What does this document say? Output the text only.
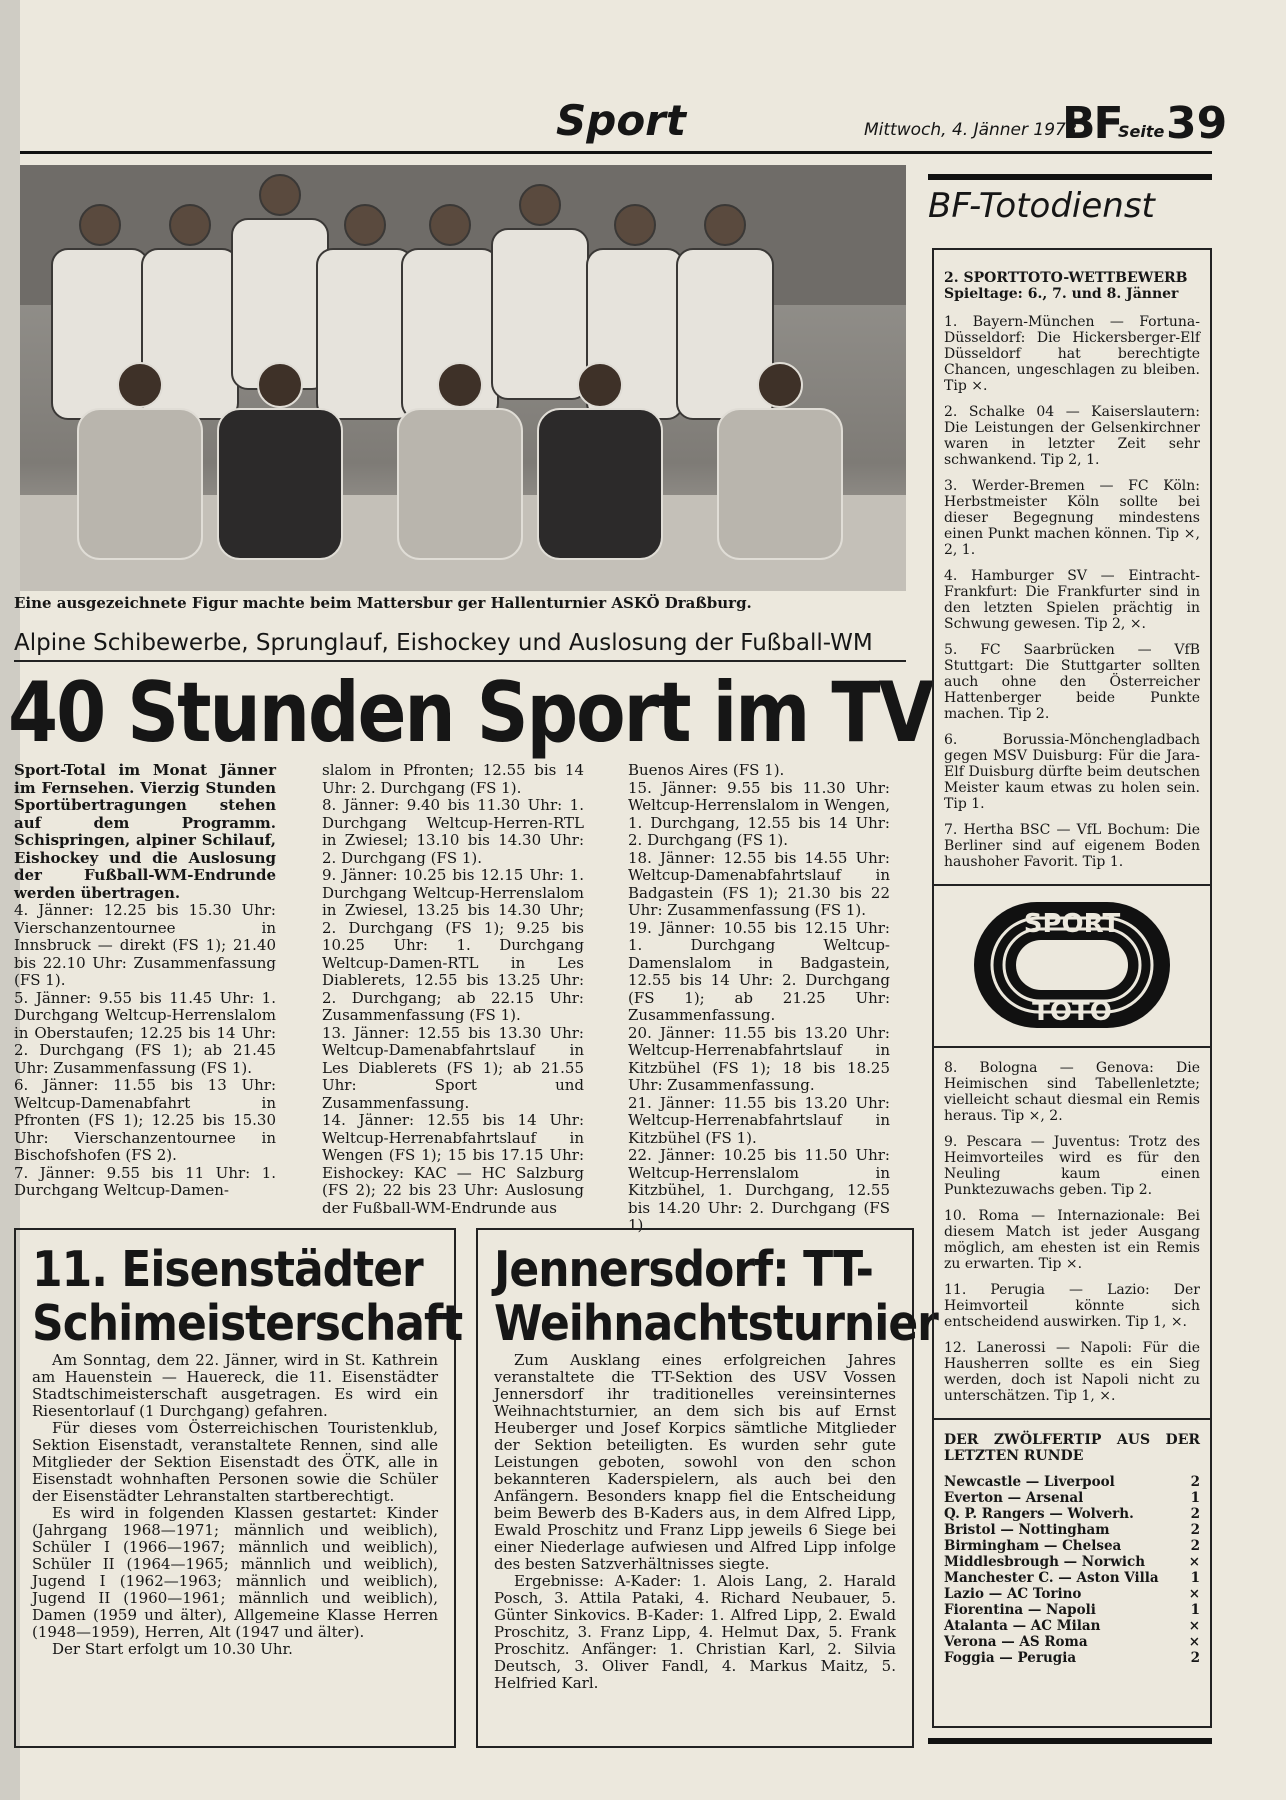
Sport	Mittwoch, 4. Jänner 1978
BF
Seite 39
Eine ausgezeichnete Figur machte beim Mattersbur ger Hallenturnier ASKÖ Draßburg.
Alpine Schibewerbe, Sprunglauf, Eishockey und Auslosung der Fußball-WM
40 Stunden Sport im TV

Sport-Total im Monat Jänner im Fernsehen. Vierzig Stunden Sportübertragungen stehen auf dem Programm. Schispringen, alpiner Schilauf, Eishockey und die Auslosung der Fußball-WM-Endrunde werden übertragen.

4. Jänner: 12.25 bis 15.30 Uhr: Vierschanzentournee in Innsbruck — direkt (FS 1); 21.40 bis 22.10 Uhr: Zusammenfassung (FS 1).

5. Jänner: 9.55 bis 11.45 Uhr: 1. Durchgang Weltcup-Herrenslalom in Oberstaufen; 12.25 bis 14 Uhr: 2. Durchgang (FS 1); ab 21.45 Uhr: Zusammenfassung (FS 1).

6. Jänner: 11.55 bis 13 Uhr: Weltcup-Damenabfahrt in Pfronten (FS 1); 12.25 bis 15.30 Uhr: Vierschanzentournee in Bischofshofen (FS 2).

7. Jänner: 9.55 bis 11 Uhr: 1. Durchgang Weltcup-Damen-

slalom in Pfronten; 12.55 bis 14 Uhr: 2. Durchgang (FS 1).

8. Jänner: 9.40 bis 11.30 Uhr: 1. Durchgang Weltcup-Herren-RTL in Zwiesel; 13.10 bis 14.30 Uhr: 2. Durchgang (FS 1).

9. Jänner: 10.25 bis 12.15 Uhr: 1. Durchgang Weltcup-Herrenslalom in Zwiesel, 13.25 bis 14.30 Uhr; 2. Durchgang (FS 1); 9.25 bis 10.25 Uhr: 1. Durchgang Weltcup-Damen-RTL in Les Diablerets, 12.55 bis 13.25 Uhr: 2. Durchgang; ab 22.15 Uhr: Zusammenfassung (FS 1).

13. Jänner: 12.55 bis 13.30 Uhr: Weltcup-Damenabfahrtslauf in Les Diablerets (FS 1); ab 21.55 Uhr: Sport und Zusammenfassung.

14. Jänner: 12.55 bis 14 Uhr: Weltcup-Herrenabfahrtslauf in Wengen (FS 1); 15 bis 17.15 Uhr: Eishockey: KAC — HC Salzburg (FS 2); 22 bis 23 Uhr: Auslosung der Fußball-WM-Endrunde aus

Buenos Aires (FS 1).

15. Jänner: 9.55 bis 11.30 Uhr: Weltcup-Herrenslalom in Wengen, 1. Durchgang, 12.55 bis 14 Uhr: 2. Durchgang (FS 1).

18. Jänner: 12.55 bis 14.55 Uhr: Weltcup-Damenabfahrtslauf in Badgastein (FS 1); 21.30 bis 22 Uhr: Zusammenfassung (FS 1).

19. Jänner: 10.55 bis 12.15 Uhr: 1. Durchgang Weltcup-Damenslalom in Badgastein, 12.55 bis 14 Uhr: 2. Durchgang (FS 1); ab 21.25 Uhr: Zusammenfassung.

20. Jänner: 11.55 bis 13.20 Uhr: Weltcup-Herrenabfahrtslauf in Kitzbühel (FS 1); 18 bis 18.25 Uhr: Zusammenfassung.

21. Jänner: 11.55 bis 13.20 Uhr: Weltcup-Herrenabfahrtslauf in Kitzbühel (FS 1).

22. Jänner: 10.25 bis 11.50 Uhr: Weltcup-Herrenslalom in Kitzbühel, 1. Durchgang, 12.55 bis 14.20 Uhr: 2. Durchgang (FS 1).

11. Eisenstädter
Schimeisterschaft

Am Sonntag, dem 22. Jänner, wird in St. Kathrein am Hauenstein — Hauereck, die 11. Eisenstädter Stadtschimeisterschaft ausgetragen. Es wird ein Riesentorlauf (1 Durchgang) gefahren.

Für dieses vom Österreichischen Touristenklub, Sektion Eisenstadt, veranstaltete Rennen, sind alle Mitglieder der Sektion Eisenstadt des ÖTK, alle in Eisenstadt wohnhaften Personen sowie die Schüler der Eisenstädter Lehranstalten startberechtigt.

Es wird in folgenden Klassen gestartet: Kinder (Jahrgang 1968—1971; männlich und weiblich), Schüler I (1966—1967; männlich und weiblich), Schüler II (1964—1965; männlich und weiblich), Jugend I (1962—1963; männlich und weiblich), Jugend II (1960—1961; männlich und weiblich), Damen (1959 und älter), Allgemeine Klasse Herren (1948—1959), Herren, Alt (1947 und älter).

Der Start erfolgt um 10.30 Uhr.

Jennersdorf: TT-
Weihnachtsturnier

Zum Ausklang eines erfolgreichen Jahres veranstaltete die TT-Sektion des USV Vossen Jennersdorf ihr traditionelles vereinsinternes Weihnachtsturnier, an dem sich bis auf Ernst Heuberger und Josef Korpics sämtliche Mitglieder der Sektion beteiligten. Es wurden sehr gute Leistungen geboten, sowohl von den schon bekannteren Kaderspielern, als auch bei den Anfängern. Besonders knapp fiel die Entscheidung beim Bewerb des B-Kaders aus, in dem Alfred Lipp, Ewald Proschitz und Franz Lipp jeweils 6 Siege bei einer Niederlage aufwiesen und Alfred Lipp infolge des besten Satzverhältnisses siegte.

Ergebnisse: A-Kader: 1. Alois Lang, 2. Harald Posch, 3. Attila Pataki, 4. Richard Neubauer, 5. Günter Sinkovics. B-Kader: 1. Alfred Lipp, 2. Ewald Proschitz, 3. Franz Lipp, 4. Helmut Dax, 5. Frank Proschitz. Anfänger: 1. Christian Karl, 2. Silvia Deutsch, 3. Oliver Fandl, 4. Markus Maitz, 5. Helfried Karl.

BF-Totodienst

2. SPORTTOTO-WETTBEWERB

Spieltage: 6., 7. und 8. Jänner

1. Bayern-München — Fortuna-Düsseldorf: Die Hickersberger-Elf Düsseldorf hat berechtigte Chancen, ungeschlagen zu bleiben. Tip ×.

2. Schalke 04 — Kaiserslautern: Die Leistungen der Gelsenkirchner waren in letzter Zeit sehr schwankend. Tip 2, 1.

3. Werder-Bremen — FC Köln: Herbstmeister Köln sollte bei dieser Begegnung mindestens einen Punkt machen können. Tip ×, 2, 1.

4. Hamburger SV — Eintracht-Frankfurt: Die Frankfurter sind in den letzten Spielen prächtig in Schwung gewesen. Tip 2, ×.

5. FC Saarbrücken — VfB Stuttgart: Die Stuttgarter sollten auch ohne den Österreicher Hattenberger beide Punkte machen. Tip 2.

6. Borussia-Mönchengladbach gegen MSV Duisburg: Für die Jara-Elf Duisburg dürfte beim deutschen Meister kaum etwas zu holen sein. Tip 1.

7. Hertha BSC — VfL Bochum: Die Berliner sind auf eigenem Boden haushoher Favorit. Tip 1.

SPORT
TOTO

8. Bologna — Genova: Die Heimischen sind Tabellenletzte; vielleicht schaut diesmal ein Remis heraus. Tip ×, 2.

9. Pescara — Juventus: Trotz des Heimvorteiles wird es für den Neuling kaum einen Punktezuwachs geben. Tip 2.

10. Roma — Internazionale: Bei diesem Match ist jeder Ausgang möglich, am ehesten ist ein Remis zu erwarten. Tip ×.

11. Perugia — Lazio: Der Heimvorteil könnte sich entscheidend auswirken. Tip 1, ×.

12. Lanerossi — Napoli: Für die Hausherren sollte es ein Sieg werden, doch ist Napoli nicht zu unterschätzen. Tip 1, ×.

DER ZWÖLFERTIP AUS DER LETZTEN RUNDE

Newcastle — Liverpool	2
Everton — Arsenal	1
Q. P. Rangers — Wolverh.	2
Bristol — Nottingham	2
Birmingham — Chelsea	2
Middlesbrough — Norwich	×
Manchester C. — Aston Villa	1
Lazio — AC Torino	×
Fiorentina — Napoli	1
Atalanta — AC Milan	×
Verona — AS Roma	×
Foggia — Perugia	2
